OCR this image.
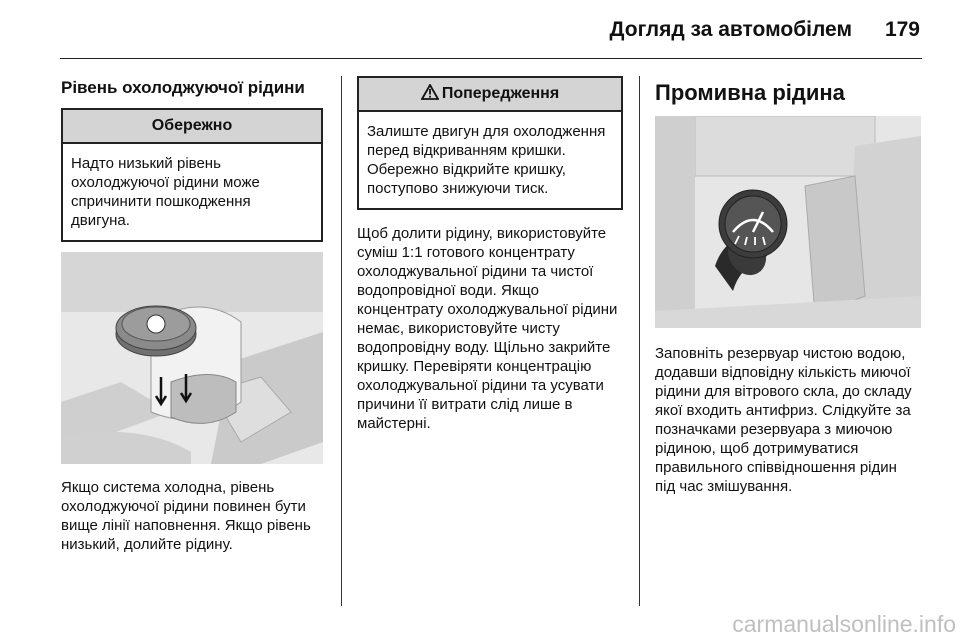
Догляд за автомобілем 179
Рівень охолоджуючої рідини
Обережно
Надто низький рівень охолоджуючої рідини може спричинити пошкодження двигуна.

Якщо система холодна, рівень охолоджуючої рідини повинен бути вище лінії наповнення. Якщо рівень низький, долийте рідину.

Попередження
Залиште двигун для охолодження перед відкриванням кришки. Обережно відкрийте кришку, поступово знижуючи тиск.

Щоб долити рідину, використовуйте суміш 1:1 готового концентрату охолоджувальної рідини та чистої водопровідної води. Якщо концентрату охолоджувальної рідини немає, використовуйте чисту водопровідну воду. Щільно закрийте кришку. Перевіряти концентрацію охолоджувальної рідини та усувати причини її витрати слід лише в майстерні.

Промивна рідина

Заповніть резервуар чистою водою, додавши відповідну кількість миючої рідини для вітрового скла, до складу якої входить антифриз. Слідкуйте за позначками резервуара з миючою рідиною, щоб дотримуватися правильного співвідношення рідин під час змішування.

carmanualsonline.info
